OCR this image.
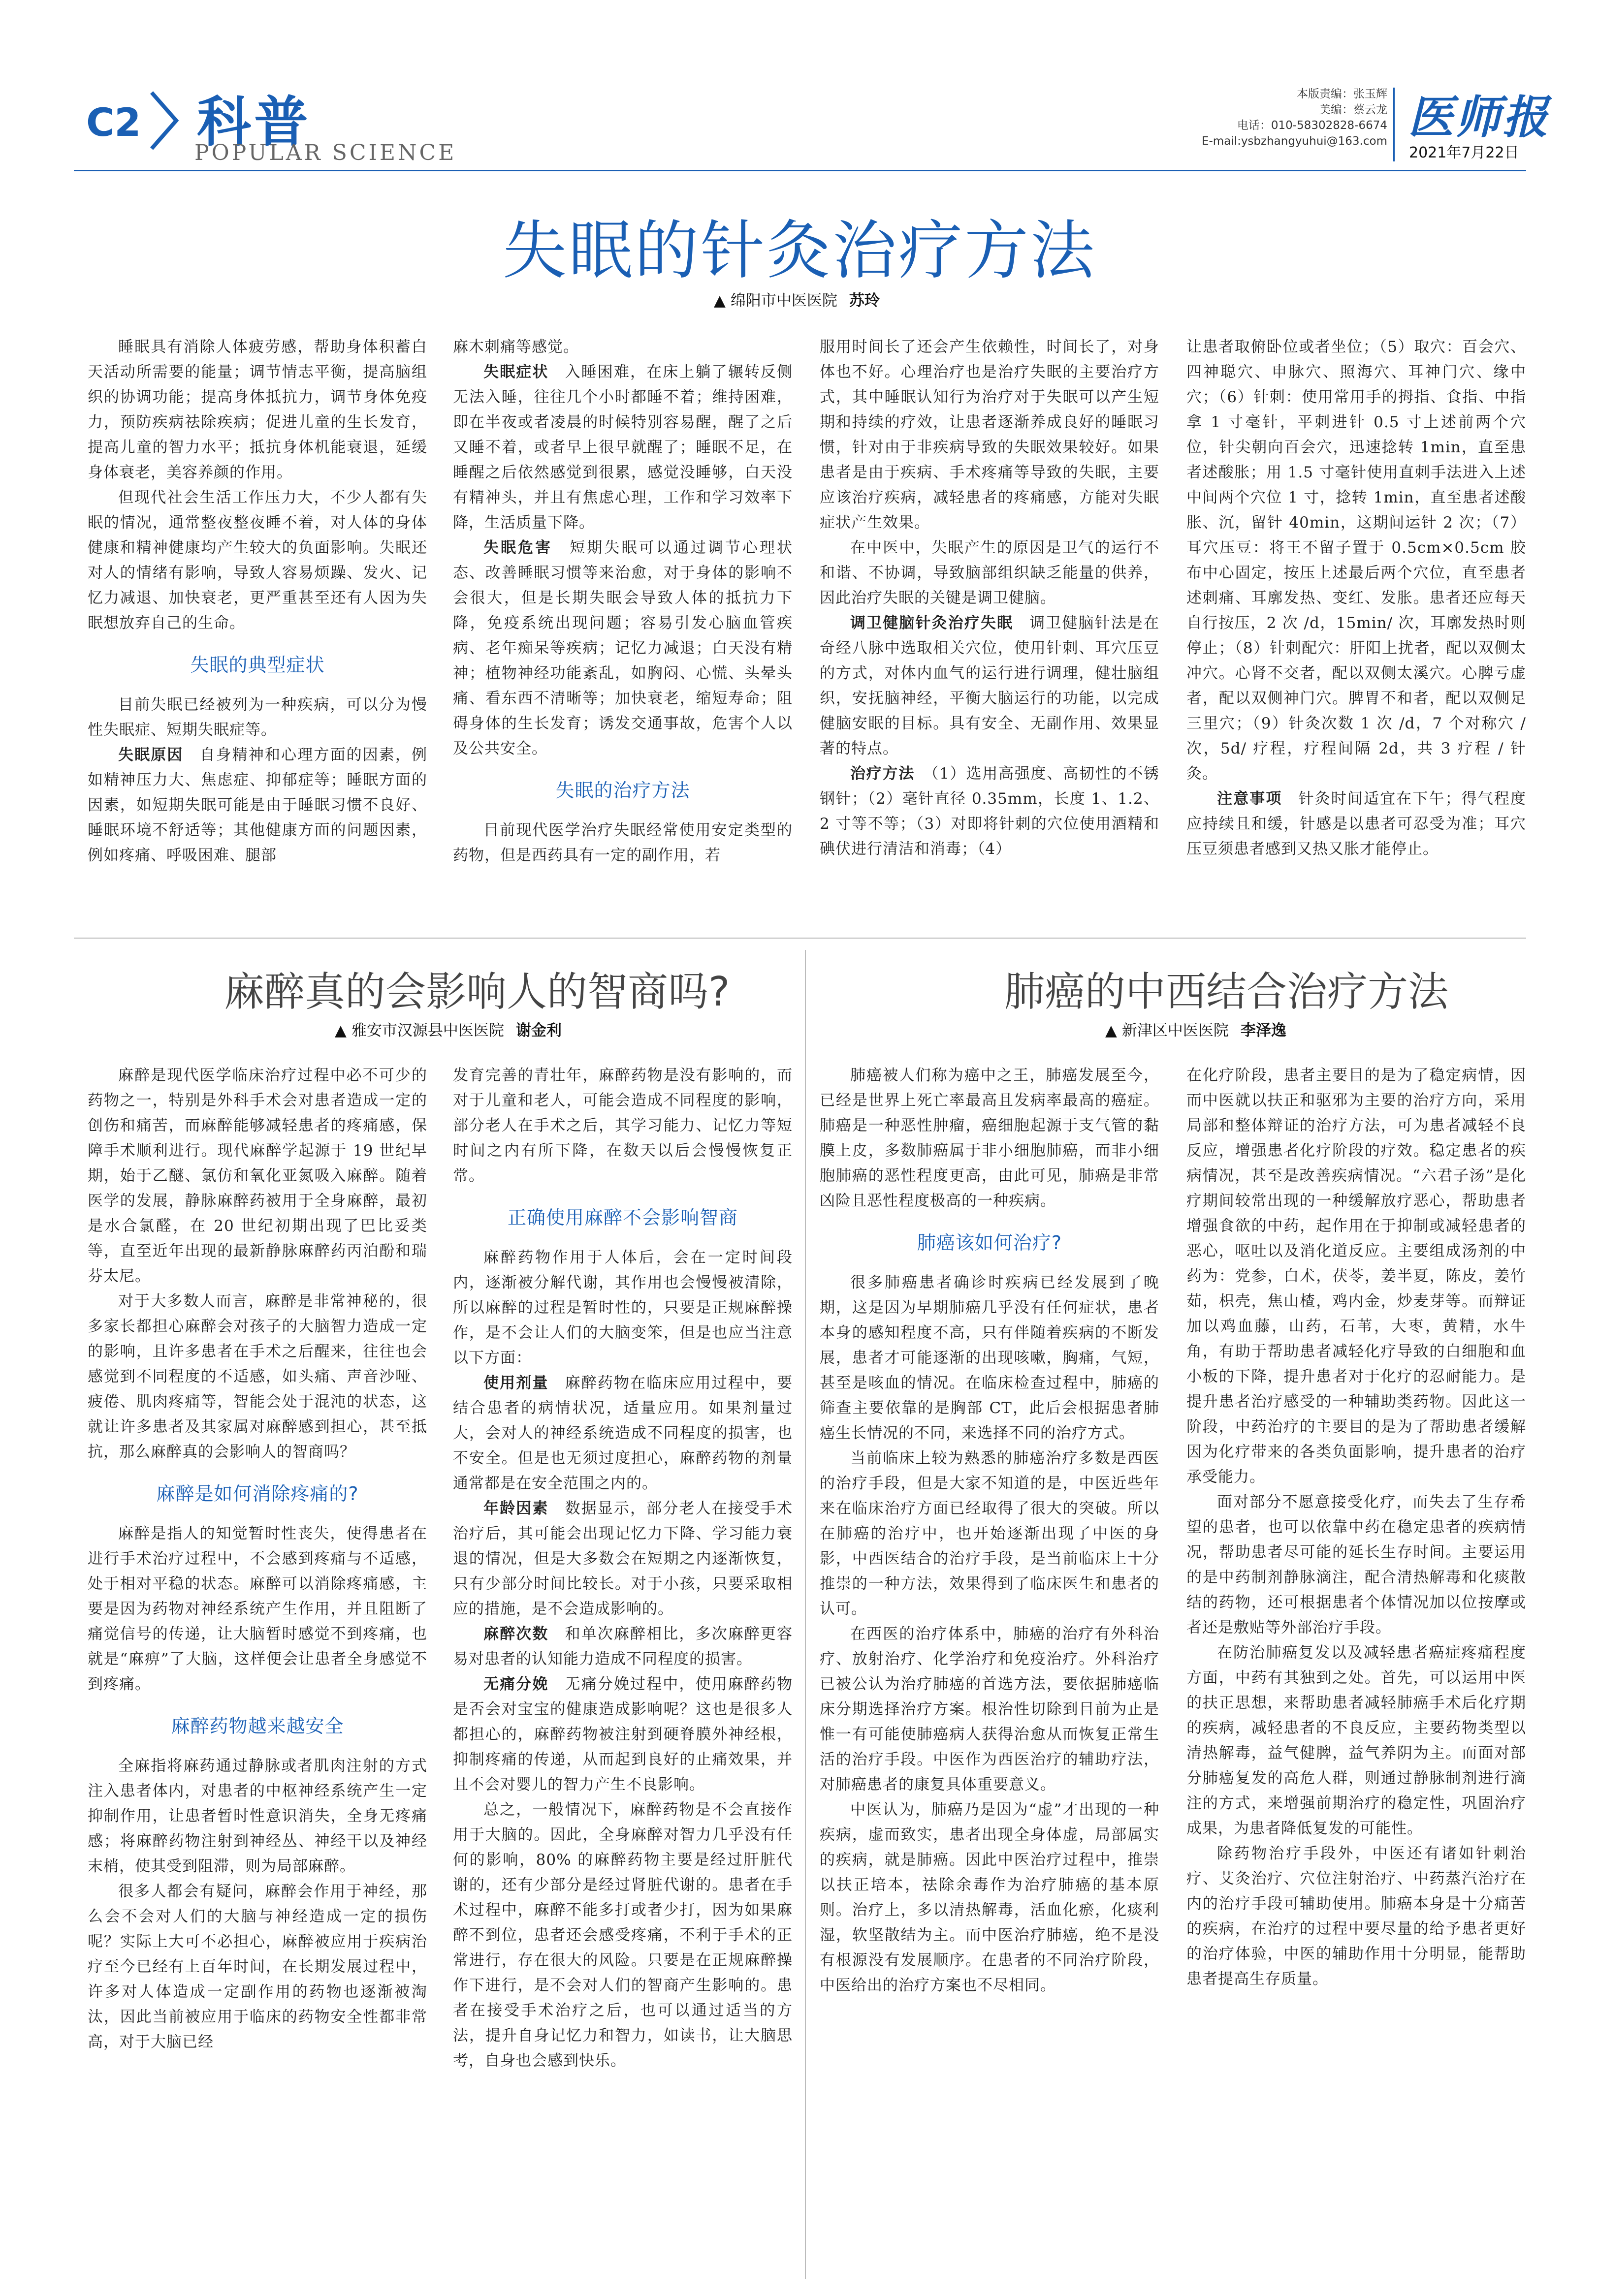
C2 科普
POPULAR SCIENCE
本版责编：张玉辉
美编：蔡云龙
电话：010-58302828-6674
E-mail:ysbzhangyuhui@163.com 医师报
2021年7月22日
失眠的针灸治疗方法
▲ 绵阳市中医医院 苏玲

睡眠具有消除人体疲劳感，帮助身体积蓄白天活动所需要的能量；调节情志平衡，提高脑组织的协调功能；提高身体抵抗力，调节身体免疫力，预防疾病祛除疾病；促进儿童的生长发育，提高儿童的智力水平；抵抗身体机能衰退，延缓身体衰老，美容养颜的作用。

但现代社会生活工作压力大，不少人都有失眠的情况，通常整夜整夜睡不着，对人体的身体健康和精神健康均产生较大的负面影响。失眠还对人的情绪有影响，导致人容易烦躁、发火、记忆力减退、加快衰老，更严重甚至还有人因为失眠想放弃自己的生命。

失眠的典型症状

目前失眠已经被列为一种疾病，可以分为慢性失眠症、短期失眠症等。

失眠原因　 自身精神和心理方面的因素，例如精神压力大、焦虑症、抑郁症等；睡眠方面的因素，如短期失眠可能是由于睡眠习惯不良好、睡眠环境不舒适等；其他健康方面的问题因素，例如疼痛、呼吸困难、腿部

麻木刺痛等感觉。

失眠症状　 入睡困难，在床上躺了辗转反侧无法入睡，往往几个小时都睡不着；维持困难，即在半夜或者凌晨的时候特别容易醒，醒了之后又睡不着，或者早上很早就醒了；睡眠不足，在睡醒之后依然感觉到很累，感觉没睡够，白天没有精神头，并且有焦虑心理，工作和学习效率下降，生活质量下降。

失眠危害　 短期失眠可以通过调节心理状态、改善睡眠习惯等来治愈，对于身体的影响不会很大，但是长期失眠会导致人体的抵抗力下降，免疫系统出现问题；容易引发心脑血管疾病、老年痴呆等疾病；记忆力减退；白天没有精神；植物神经功能紊乱，如胸闷、心慌、头晕头痛、看东西不清晰等；加快衰老，缩短寿命；阻碍身体的生长发育；诱发交通事故，危害个人以及公共安全。

失眠的治疗方法

目前现代医学治疗失眠经常使用安定类型的药物，但是西药具有一定的副作用，若

服用时间长了还会产生依赖性，时间长了，对身体也不好。心理治疗也是治疗失眠的主要治疗方式，其中睡眠认知行为治疗对于失眠可以产生短期和持续的疗效，让患者逐渐养成良好的睡眠习惯，针对由于非疾病导致的失眠效果较好。如果患者是由于疾病、手术疼痛等导致的失眠，主要应该治疗疾病，减轻患者的疼痛感，方能对失眠症状产生效果。

在中医中，失眠产生的原因是卫气的运行不和谐、不协调，导致脑部组织缺乏能量的供养，因此治疗失眠的关键是调卫健脑。

调卫健脑针灸治疗失眠　 调卫健脑针法是在奇经八脉中选取相关穴位，使用针刺、耳穴压豆的方式，对体内血气的运行进行调理，健壮脑组织，安抚脑神经，平衡大脑运行的功能，以完成健脑安眠的目标。具有安全、无副作用、效果显著的特点。

治疗方法　 （1）选用高强度、高韧性的不锈钢针；（2）毫针直径 0.35mm，长度 1、1.2、2 寸等不等；（3）对即将针刺的穴位使用酒精和碘伏进行清洁和消毒；（4）

让患者取俯卧位或者坐位；（5）取穴：百会穴、四神聪穴、申脉穴、照海穴、耳神门穴、缘中穴；（6）针刺：使用常用手的拇指、食指、中指拿 1 寸毫针，平刺进针 0.5 寸上述前两个穴位，针尖朝向百会穴，迅速捻转 1min，直至患者述酸胀；用 1.5 寸毫针使用直刺手法进入上述中间两个穴位 1 寸，捻转 1min，直至患者述酸胀、沉，留针 40min，这期间运针 2 次；（7）耳穴压豆：将王不留子置于 0.5cm×0.5cm 胶布中心固定，按压上述最后两个穴位，直至患者述刺痛、耳廓发热、变红、发胀。患者还应每天自行按压，2 次 /d，15min/ 次，耳廓发热时则停止；（8）针刺配穴：肝阳上扰者，配以双侧太冲穴。心肾不交者，配以双侧太溪穴。心脾亏虚者，配以双侧神门穴。脾胃不和者，配以双侧足三里穴；（9）针灸次数 1 次 /d，7 个对称穴 / 次，5d/ 疗程，疗程间隔 2d，共 3 疗程 / 针灸。

注意事项　 针灸时间适宜在下午；得气程度应持续且和缓，针感是以患者可忍受为准；耳穴压豆须患者感到又热又胀才能停止。

麻醉真的会影响人的智商吗?
▲ 雅安市汉源县中医医院 谢金利

麻醉是现代医学临床治疗过程中必不可少的药物之一，特别是外科手术会对患者造成一定的创伤和痛苦，而麻醉能够减轻患者的疼痛感，保障手术顺利进行。现代麻醉学起源于 19 世纪早期，始于乙醚、氯仿和氧化亚氮吸入麻醉。随着医学的发展，静脉麻醉药被用于全身麻醉，最初是水合氯醛，在 20 世纪初期出现了巴比妥类等，直至近年出现的最新静脉麻醉药丙泊酚和瑞芬太尼。

对于大多数人而言，麻醉是非常神秘的，很多家长都担心麻醉会对孩子的大脑智力造成一定的影响，且许多患者在手术之后醒来，往往也会感觉到不同程度的不适感，如头痛、声音沙哑、疲倦、肌肉疼痛等，智能会处于混沌的状态，这就让许多患者及其家属对麻醉感到担心，甚至抵抗，那么麻醉真的会影响人的智商吗？

麻醉是如何消除疼痛的?

麻醉是指人的知觉暂时性丧失，使得患者在进行手术治疗过程中，不会感到疼痛与不适感，处于相对平稳的状态。麻醉可以消除疼痛感，主要是因为药物对神经系统产生作用，并且阻断了痛觉信号的传递，让大脑暂时感觉不到疼痛，也就是“麻痹”了大脑，这样便会让患者全身感觉不到疼痛。

麻醉药物越来越安全

全麻指将麻药通过静脉或者肌肉注射的方式注入患者体内，对患者的中枢神经系统产生一定抑制作用，让患者暂时性意识消失，全身无疼痛感；将麻醉药物注射到神经丛、神经干以及神经末梢，使其受到阻滞，则为局部麻醉。

很多人都会有疑问，麻醉会作用于神经，那么会不会对人们的大脑与神经造成一定的损伤呢？实际上大可不必担心，麻醉被应用于疾病治疗至今已经有上百年时间，在长期发展过程中，许多对人体造成一定副作用的药物也逐渐被淘汰，因此当前被应用于临床的药物安全性都非常高，对于大脑已经

发育完善的青壮年，麻醉药物是没有影响的，而对于儿童和老人，可能会造成不同程度的影响，部分老人在手术之后，其学习能力、记忆力等短时间之内有所下降，在数天以后会慢慢恢复正常。

正确使用麻醉不会影响智商

麻醉药物作用于人体后，会在一定时间段内，逐渐被分解代谢，其作用也会慢慢被清除，所以麻醉的过程是暂时性的，只要是正规麻醉操作，是不会让人们的大脑变笨，但是也应当注意以下方面：

使用剂量　 麻醉药物在临床应用过程中，要结合患者的病情状况，适量应用。如果剂量过大，会对人的神经系统造成不同程度的损害，也不安全。但是也无须过度担心，麻醉药物的剂量通常都是在安全范围之内的。

年龄因素　 数据显示，部分老人在接受手术治疗后，其可能会出现记忆力下降、学习能力衰退的情况，但是大多数会在短期之内逐渐恢复，只有少部分时间比较长。对于小孩，只要采取相应的措施，是不会造成影响的。

麻醉次数　 和单次麻醉相比，多次麻醉更容易对患者的认知能力造成不同程度的损害。

无痛分娩　 无痛分娩过程中，使用麻醉药物是否会对宝宝的健康造成影响呢？这也是很多人都担心的，麻醉药物被注射到硬脊膜外神经根，抑制疼痛的传递，从而起到良好的止痛效果，并且不会对婴儿的智力产生不良影响。

总之，一般情况下，麻醉药物是不会直接作用于大脑的。因此，全身麻醉对智力几乎没有任何的影响，80% 的麻醉药物主要是经过肝脏代谢的，还有少部分是经过肾脏代谢的。患者在手术过程中，麻醉不能多打或者少打，因为如果麻醉不到位，患者还会感受疼痛，不利于手术的正常进行，存在很大的风险。只要是在正规麻醉操作下进行，是不会对人们的智商产生影响的。患者在接受手术治疗之后，也可以通过适当的方法，提升自身记忆力和智力，如读书，让大脑思考，自身也会感到快乐。

肺癌的中西结合治疗方法
▲ 新津区中医医院 李泽逸

肺癌被人们称为癌中之王，肺癌发展至今，已经是世界上死亡率最高且发病率最高的癌症。肺癌是一种恶性肿瘤，癌细胞起源于支气管的黏膜上皮，多数肺癌属于非小细胞肺癌，而非小细胞肺癌的恶性程度更高，由此可见，肺癌是非常凶险且恶性程度极高的一种疾病。

肺癌该如何治疗?

很多肺癌患者确诊时疾病已经发展到了晚期，这是因为早期肺癌几乎没有任何症状，患者本身的感知程度不高，只有伴随着疾病的不断发展，患者才可能逐渐的出现咳嗽，胸痛，气短，甚至是咳血的情况。在临床检查过程中，肺癌的筛查主要依靠的是胸部 CT，此后会根据患者肺癌生长情况的不同，来选择不同的治疗方式。

当前临床上较为熟悉的肺癌治疗多数是西医的治疗手段，但是大家不知道的是，中医近些年来在临床治疗方面已经取得了很大的突破。所以在肺癌的治疗中，也开始逐渐出现了中医的身影，中西医结合的治疗手段，是当前临床上十分推崇的一种方法，效果得到了临床医生和患者的认可。

在西医的治疗体系中，肺癌的治疗有外科治疗、放射治疗、化学治疗和免疫治疗。外科治疗已被公认为治疗肺癌的首选方法，要依据肺癌临床分期选择治疗方案。根治性切除到目前为止是惟一有可能使肺癌病人获得治愈从而恢复正常生活的治疗手段。中医作为西医治疗的辅助疗法，对肺癌患者的康复具体重要意义。

中医认为，肺癌乃是因为“虚”才出现的一种疾病，虚而致实，患者出现全身体虚，局部属实的疾病，就是肺癌。因此中医治疗过程中，推崇以扶正培本，祛除余毒作为治疗肺癌的基本原则。治疗上，多以清热解毒，活血化瘀，化痰利湿，软坚散结为主。而中医治疗肺癌，绝不是没有根源没有发展顺序。在患者的不同治疗阶段，中医给出的治疗方案也不尽相同。

在化疗阶段，患者主要目的是为了稳定病情，因而中医就以扶正和驱邪为主要的治疗方向，采用局部和整体辩证的治疗方法，可为患者减轻不良反应，增强患者化疗阶段的疗效。稳定患者的疾病情况，甚至是改善疾病情况。“六君子汤”是化疗期间较常出现的一种缓解放疗恶心，帮助患者增强食欲的中药，起作用在于抑制或减轻患者的恶心，呕吐以及消化道反应。主要组成汤剂的中药为：党参，白术，茯苓，姜半夏，陈皮，姜竹茹，枳壳，焦山楂，鸡内金，炒麦芽等。而辩证加以鸡血藤，山药，石苇，大枣，黄精，水牛角，有助于帮助患者减轻化疗导致的白细胞和血小板的下降，提升患者对于化疗的忍耐能力。是提升患者治疗感受的一种辅助类药物。因此这一阶段，中药治疗的主要目的是为了帮助患者缓解因为化疗带来的各类负面影响，提升患者的治疗承受能力。

面对部分不愿意接受化疗，而失去了生存希望的患者，也可以依靠中药在稳定患者的疾病情况，帮助患者尽可能的延长生存时间。主要运用的是中药制剂静脉滴注，配合清热解毒和化痰散结的药物，还可根据患者个体情况加以位按摩或者还是敷贴等外部治疗手段。

在防治肺癌复发以及减轻患者癌症疼痛程度方面，中药有其独到之处。首先，可以运用中医的扶正思想，来帮助患者减轻肺癌手术后化疗期的疾病，减轻患者的不良反应，主要药物类型以清热解毒，益气健脾，益气养阴为主。而面对部分肺癌复发的高危人群，则通过静脉制剂进行滴注的方式，来增强前期治疗的稳定性，巩固治疗成果，为患者降低复发的可能性。

除药物治疗手段外，中医还有诸如针刺治疗、艾灸治疗、穴位注射治疗、中药蒸汽治疗在内的治疗手段可辅助使用。肺癌本身是十分痛苦的疾病，在治疗的过程中要尽量的给予患者更好的治疗体验，中医的辅助作用十分明显，能帮助患者提高生存质量。
